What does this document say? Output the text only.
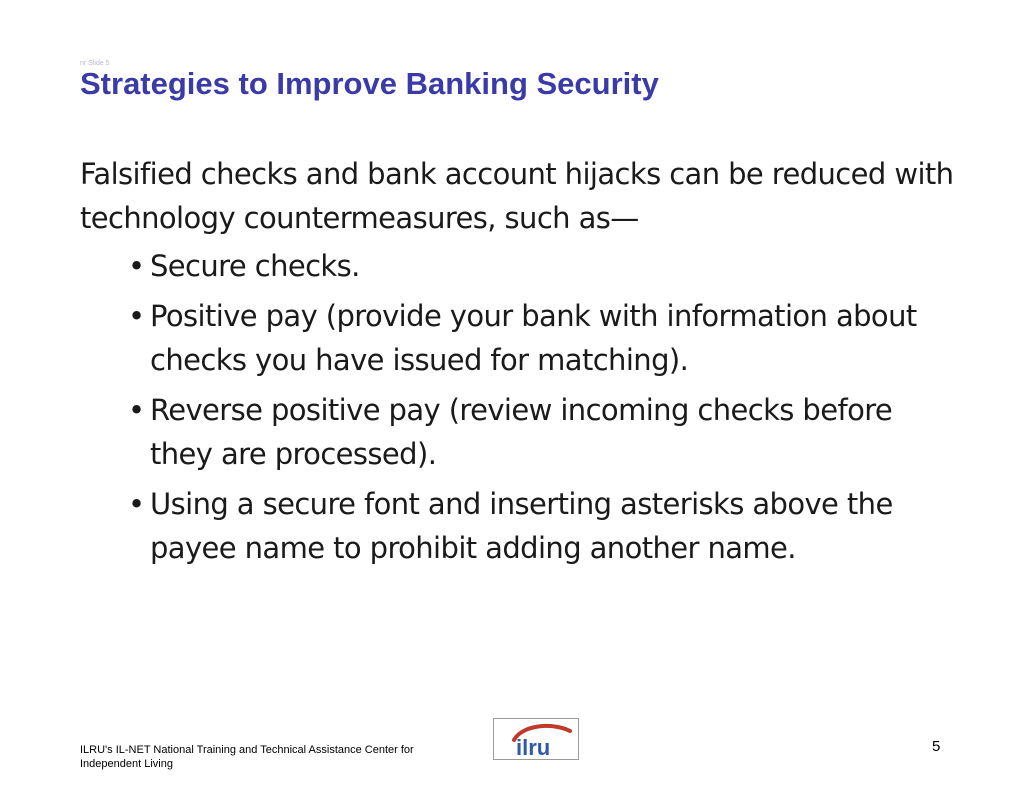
nr Slide 5
Strategies to Improve Banking Security

Falsified checks and bank account hijacks can be reduced with technology countermeasures, such as—

• Secure checks.
• Positive pay (provide your bank with information about checks you have issued for matching).
• Reverse positive pay (review incoming checks before they are processed).
• Using a secure font and inserting asterisks above the payee name to prohibit adding another name.
ILRU's IL-NET National Training and Technical Assistance Center for Independent Living
ilru	5
